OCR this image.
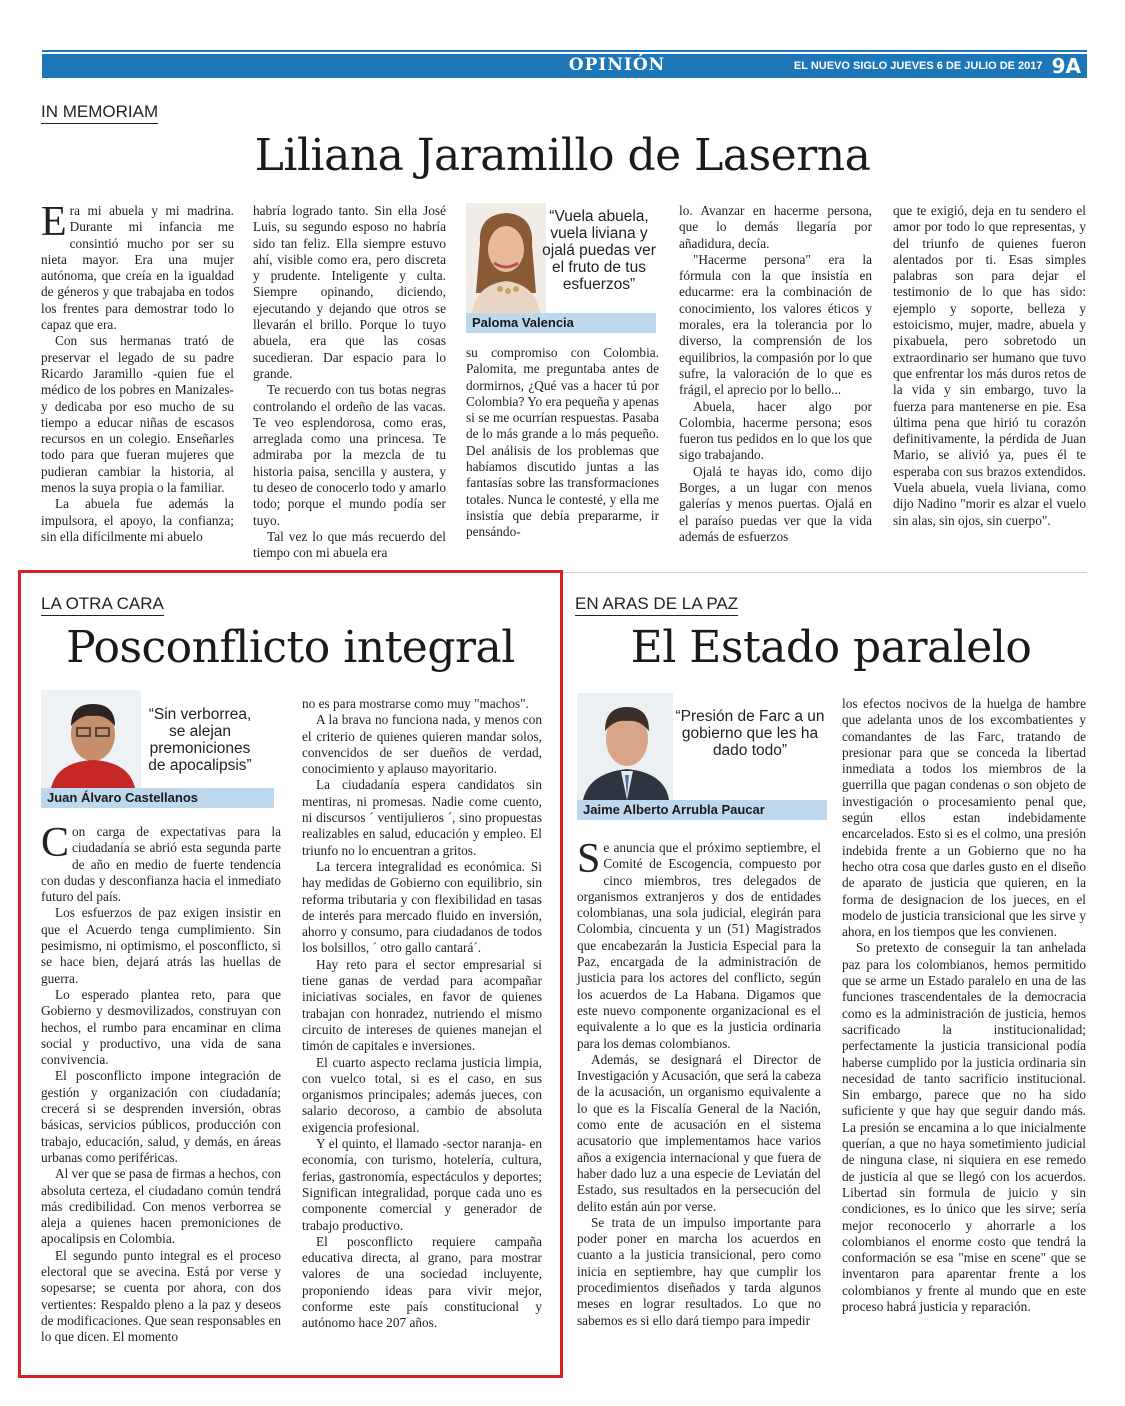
OPINIÓN	EL NUEVO SIGLO JUEVES 6 DE JULIO DE 2017 9A
IN MEMORIAM
Liliana Jaramillo de Laserna

Era mi abuela y mi madrina. Durante mi infancia me consintió mucho por ser su nieta mayor. Era una mujer autónoma, que creía en la igualdad de géneros y que trabajaba en todos los frentes para demostrar todo lo capaz que era.

Con sus hermanas trató de preservar el legado de su padre Ricardo Jaramillo -quien fue el médico de los pobres en Manizales- y dedicaba por eso mucho de su tiempo a educar niñas de escasos recursos en un colegio. Enseñarles todo para que fueran mujeres que pudieran cambiar la historia, al menos la suya propia o la familiar.

La abuela fue además la impulsora, el apoyo, la confianza; sin ella difícilmente mi abuelo

habría logrado tanto. Sin ella José Luis, su segundo esposo no habría sido tan feliz. Ella siempre estuvo ahí, visible como era, pero discreta y prudente. Inteligente y culta. Siempre opinando, diciendo, ejecutando y dejando que otros se llevarán el brillo. Porque lo tuyo abuela, era que las cosas sucedieran. Dar espacio para lo grande.

Te recuerdo con tus botas negras controlando el ordeño de las vacas. Te veo esplendorosa, como eras, arreglada como una princesa. Te admiraba por la mezcla de tu historia paisa, sencilla y austera, y tu deseo de conocerlo todo y amarlo todo; porque el mundo podía ser tuyo.

Tal vez lo que más recuerdo del tiempo con mi abuela era

“Vuela abuela, vuela liviana y ojalá puedas ver el fruto de tus esfuerzos”
Paloma Valencia

su compromiso con Colombia. Palomita, me preguntaba antes de dormirnos, ¿Qué vas a hacer tú por Colombia? Yo era pequeña y apenas si se me ocurrían respuestas. Pasaba de lo más grande a lo más pequeño. Del análisis de los problemas que habíamos discutido juntas a las fantasías sobre las transformaciones totales. Nunca le contesté, y ella me insistía que debía prepararme, ir pensándo-

lo. Avanzar en hacerme persona, que lo demás llegaría por añadidura, decía.

"Hacerme persona" era la fórmula con la que insistía en educarme: era la combinación de conocimiento, los valores éticos y morales, era la tolerancia por lo diverso, la comprensión de los equilibrios, la compasión por lo que sufre, la valoración de lo que es frágil, el aprecio por lo bello...

Abuela, hacer algo por Colombia, hacerme persona; esos fueron tus pedidos en lo que los que sigo trabajando.

Ojalá te hayas ido, como dijo Borges, a un lugar con menos galerías y menos puertas. Ojalá en el paraíso puedas ver que la vida además de esfuerzos

que te exigió, deja en tu sendero el amor por todo lo que representas, y del triunfo de quienes fueron alentados por ti. Esas simples palabras son para dejar el testimonio de lo que has sido: ejemplo y soporte, belleza y estoicismo, mujer, madre, abuela y pixabuela, pero sobretodo un extraordinario ser humano que tuvo que enfrentar los más duros retos de la vida y sin embargo, tuvo la fuerza para mantenerse en pie. Esa última pena que hirió tu corazón definitivamente, la pérdida de Juan Mario, se alivió ya, pues él te esperaba con sus brazos extendidos. Vuela abuela, vuela liviana, como dijo Nadino "morir es alzar el vuelo sin alas, sin ojos, sin cuerpo".

LA OTRA CARA
Posconflicto integral
“Sin verborrea, se alejan premoniciones de apocalipsis”
Juan Álvaro Castellanos

Con carga de expectativas para la ciudadanía se abrió esta segunda parte de año en medio de fuerte tendencia con dudas y desconfianza hacia el inmediato futuro del país.

Los esfuerzos de paz exigen insistir en que el Acuerdo tenga cumplimiento. Sin pesimismo, ni optimismo, el posconflicto, si se hace bien, dejará atrás las huellas de guerra.

Lo esperado plantea reto, para que Gobierno y desmovilizados, construyan con hechos, el rumbo para encaminar en clima social y productivo, una vida de sana convivencia.

El posconflicto impone integración de gestión y organización con ciudadanía; crecerá si se desprenden inversión, obras básicas, servicios públicos, producción con trabajo, educación, salud, y demás, en áreas urbanas como periféricas.

Al ver que se pasa de firmas a hechos, con absoluta certeza, el ciudadano común tendrá más credibilidad. Con menos verborrea se aleja a quienes hacen premoniciones de apocalipsis en Colombia.

El segundo punto integral es el proceso electoral que se avecina. Está por verse y sopesarse; se cuenta por ahora, con dos vertientes: Respaldo pleno a la paz y deseos de modificaciones. Que sean responsables en lo que dicen. El momento

no es para mostrarse como muy "machos".

A la brava no funciona nada, y menos con el criterio de quienes quieren mandar solos, convencidos de ser dueños de verdad, conocimiento y aplauso mayoritario.

La ciudadanía espera candidatos sin mentiras, ni promesas. Nadie come cuento, ni discursos ´ ventijulieros ´, sino propuestas realizables en salud, educación y empleo. El triunfo no lo encuentran a gritos.

La tercera integralidad es económica. Si hay medidas de Gobierno con equilibrio, sin reforma tributaria y con flexibilidad en tasas de interés para mercado fluido en inversión, ahorro y consumo, para ciudadanos de todos los bolsillos, ´ otro gallo cantará´.

Hay reto para el sector empresarial si tiene ganas de verdad para acompañar iniciativas sociales, en favor de quienes trabajan con honradez, nutriendo el mismo circuito de intereses de quienes manejan el timón de capitales e inversiones.

El cuarto aspecto reclama justicia limpia, con vuelco total, si es el caso, en sus organismos principales; además jueces, con salario decoroso, a cambio de absoluta exigencia profesional.

Y el quinto, el llamado -sector naranja- en economía, con turismo, hotelería, cultura, ferias, gastronomía, espectáculos y deportes; Significan integralidad, porque cada uno es componente comercial y generador de trabajo productivo.

El posconflicto requiere campaña educativa directa, al grano, para mostrar valores de una sociedad incluyente, proponiendo ideas para vivir mejor, conforme este país constitucional y autónomo hace 207 años.

EN ARAS DE LA PAZ
El Estado paralelo
“Presión de Farc a un gobierno que les ha dado todo”
Jaime Alberto Arrubla Paucar

Se anuncia que el próximo septiembre, el Comité de Escogencia, compuesto por cinco miembros, tres delegados de organismos extranjeros y dos de entidades colombianas, una sola judicial, elegirán para Colombia, cincuenta y un (51) Magistrados que encabezarán la Justicia Especial para la Paz, encargada de la administración de justicia para los actores del conflicto, según los acuerdos de La Habana. Digamos que este nuevo componente organizacional es el equivalente a lo que es la justicia ordinaria para los demas colombianos.

Además, se designará el Director de Investigación y Acusación, que será la cabeza de la acusación, un organismo equivalente a lo que es la Fiscalía General de la Nación, como ente de acusación en el sistema acusatorio que implementamos hace varios años a exigencia internacional y que fuera de haber dado luz a una especie de Leviatán del Estado, sus resultados en la persecución del delito están aún por verse.

Se trata de un impulso importante para poder poner en marcha los acuerdos en cuanto a la justicia transicional, pero como inicia en septiembre, hay que cumplir los procedimientos diseñados y tarda algunos meses en lograr resultados. Lo que no sabemos es si ello dará tiempo para impedir

los efectos nocivos de la huelga de hambre que adelanta unos de los excombatientes y comandantes de las Farc, tratando de presionar para que se conceda la libertad inmediata a todos los miembros de la guerrilla que pagan condenas o son objeto de investigación o procesamiento penal que, según ellos estan indebidamente encarcelados. Esto si es el colmo, una presión indebida frente a un Gobierno que no ha hecho otra cosa que darles gusto en el diseño de aparato de justicia que quieren, en la forma de designacion de los jueces, en el modelo de justicia transicional que les sirve y ahora, en los tiempos que les convienen.

So pretexto de conseguir la tan anhelada paz para los colombianos, hemos permitido que se arme un Estado paralelo en una de las funciones trascendentales de la democracia como es la administración de justicia, hemos sacrificado la institucionalidad; perfectamente la justicia transicional podía haberse cumplido por la justicia ordinaria sin necesidad de tanto sacrificio institucional. Sin embargo, parece que no ha sido suficiente y que hay que seguir dando más. La presión se encamina a lo que inicialmente querían, a que no haya sometimiento judicial de ninguna clase, ni siquiera en ese remedo de justicia al que se llegó con los acuerdos. Libertad sin formula de juicio y sin condiciones, es lo único que les sirve; sería mejor reconocerlo y ahorrarle a los colombianos el enorme costo que tendrá la conformación se esa "mise en scene" que se inventaron para aparentar frente a los colombianos y frente al mundo que en este proceso habrá justicia y reparación.
